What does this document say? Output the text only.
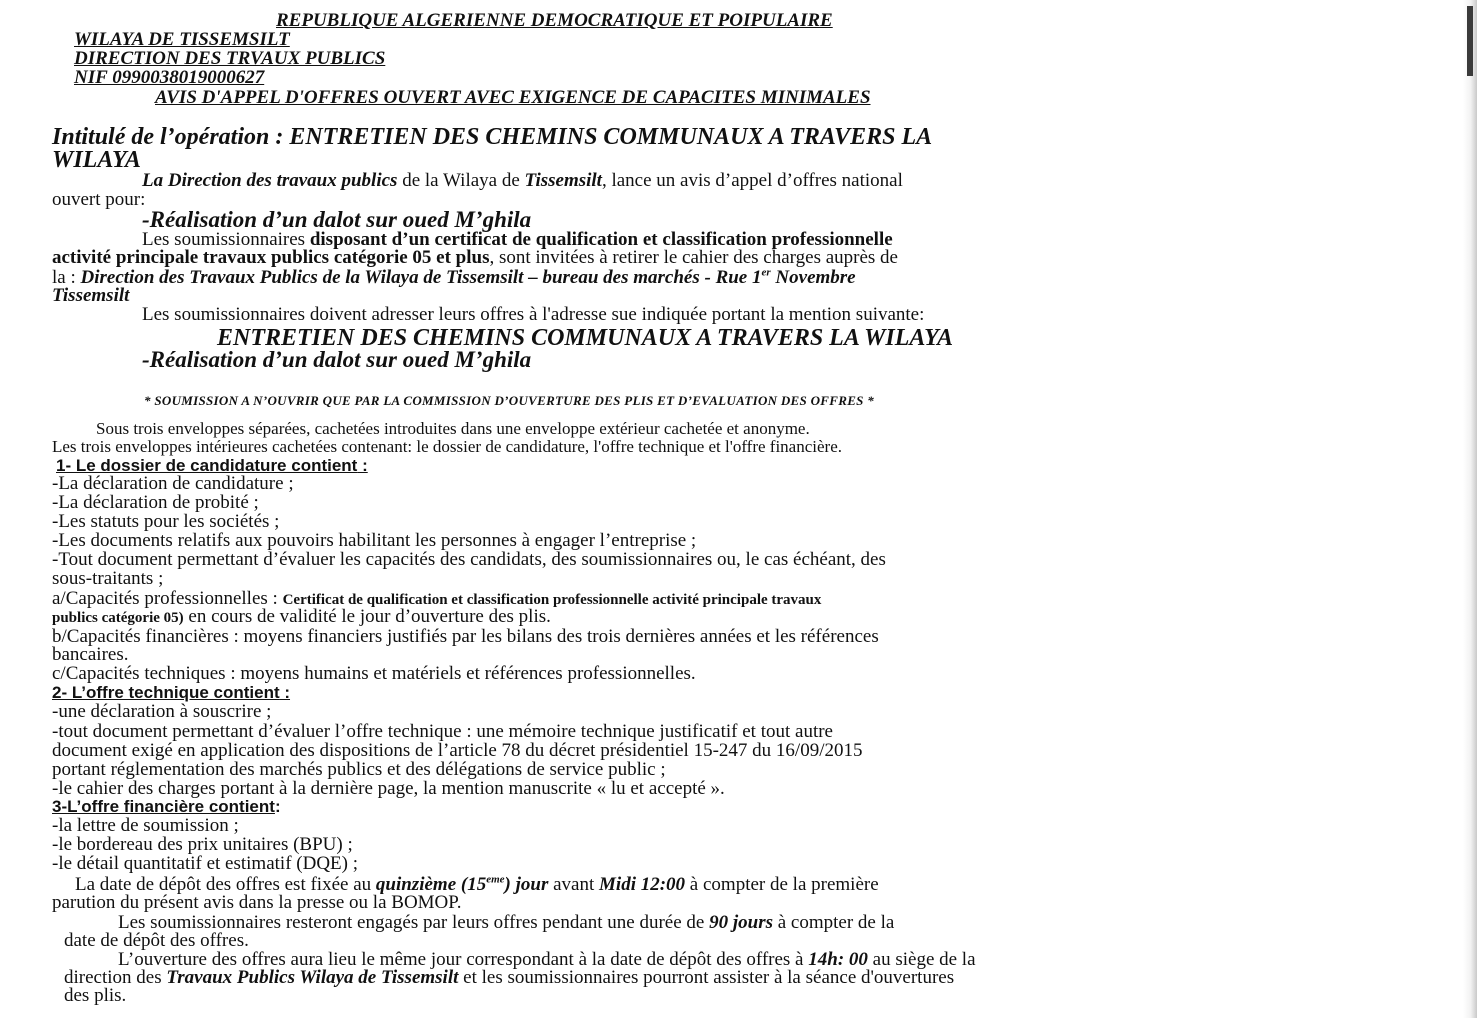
REPUBLIQUE ALGERIENNE DEMOCRATIQUE ET POIPULAIRE
WILAYA DE TISSEMSILT
DIRECTION DES TRVAUX PUBLICS
NIF 0990038019000627
AVIS D'APPEL D'OFFRES OUVERT AVEC EXIGENCE DE CAPACITES MINIMALES
Intitulé de l’opération : ENTRETIEN DES CHEMINS COMMUNAUX A TRAVERS LA
WILAYA
La Direction des travaux publics de la Wilaya de Tissemsilt, lance un avis d’appel d’offres national
ouvert pour:
-Réalisation d’un dalot sur oued M’ghila
Les soumissionnaires disposant d’un certificat de qualification et classification professionnelle
activité principale travaux publics catégorie 05 et plus, sont invitées à retirer le cahier des charges auprès de
la : Direction des Travaux Publics de la Wilaya de Tissemsilt – bureau des marchés - Rue 1er Novembre
Tissemsilt
Les soumissionnaires doivent adresser leurs offres à l'adresse sue indiquée portant la mention suivante:
ENTRETIEN DES CHEMINS COMMUNAUX A TRAVERS LA WILAYA
-Réalisation d’un dalot sur oued M’ghila
* SOUMISSION A N’OUVRIR QUE PAR LA COMMISSION D’OUVERTURE DES PLIS ET D’EVALUATION DES OFFRES *
Sous trois enveloppes séparées, cachetées introduites dans une enveloppe extérieur cachetée et anonyme.
Les trois enveloppes intérieures cachetées contenant: le dossier de candidature, l'offre technique et l'offre financière.
1- Le dossier de candidature contient :
-La déclaration de candidature ;
-La déclaration de probité ;
-Les statuts pour les sociétés ;
-Les documents relatifs aux pouvoirs habilitant les personnes à engager l’entreprise ;
-Tout document permettant d’évaluer les capacités des candidats, des soumissionnaires ou, le cas échéant, des
sous-traitants ;
a/Capacités professionnelles : Certificat de qualification et classification professionnelle activité principale travaux
publics catégorie 05) en cours de validité le jour d’ouverture des plis.
b/Capacités financières : moyens financiers justifiés par les bilans des trois dernières années et les références
bancaires.
c/Capacités techniques : moyens humains et matériels et références professionnelles.
2- L’offre technique contient :
-une déclaration à souscrire ;
-tout document permettant d’évaluer l’offre technique : une mémoire technique justificatif et tout autre
document exigé en application des dispositions de l’article 78 du décret présidentiel 15-247 du 16/09/2015
portant réglementation des marchés publics et des délégations de service public ;
-le cahier des charges portant à la dernière page, la mention manuscrite « lu et accepté ».
3-L’offre financière contient:
-la lettre de soumission ;
-le bordereau des prix unitaires (BPU) ;
-le détail quantitatif et estimatif (DQE) ;
La date de dépôt des offres est fixée au quinzième (15eme) jour avant Midi 12:00 à compter de la première
parution du présent avis dans la presse ou la BOMOP.
Les soumissionnaires resteront engagés par leurs offres pendant une durée de 90 jours à compter de la
date de dépôt des offres.
L’ouverture des offres aura lieu le même jour correspondant à la date de dépôt des offres à 14h: 00 au siège de la
direction des Travaux Publics Wilaya de Tissemsilt et les soumissionnaires pourront assister à la séance d'ouvertures
des plis.
